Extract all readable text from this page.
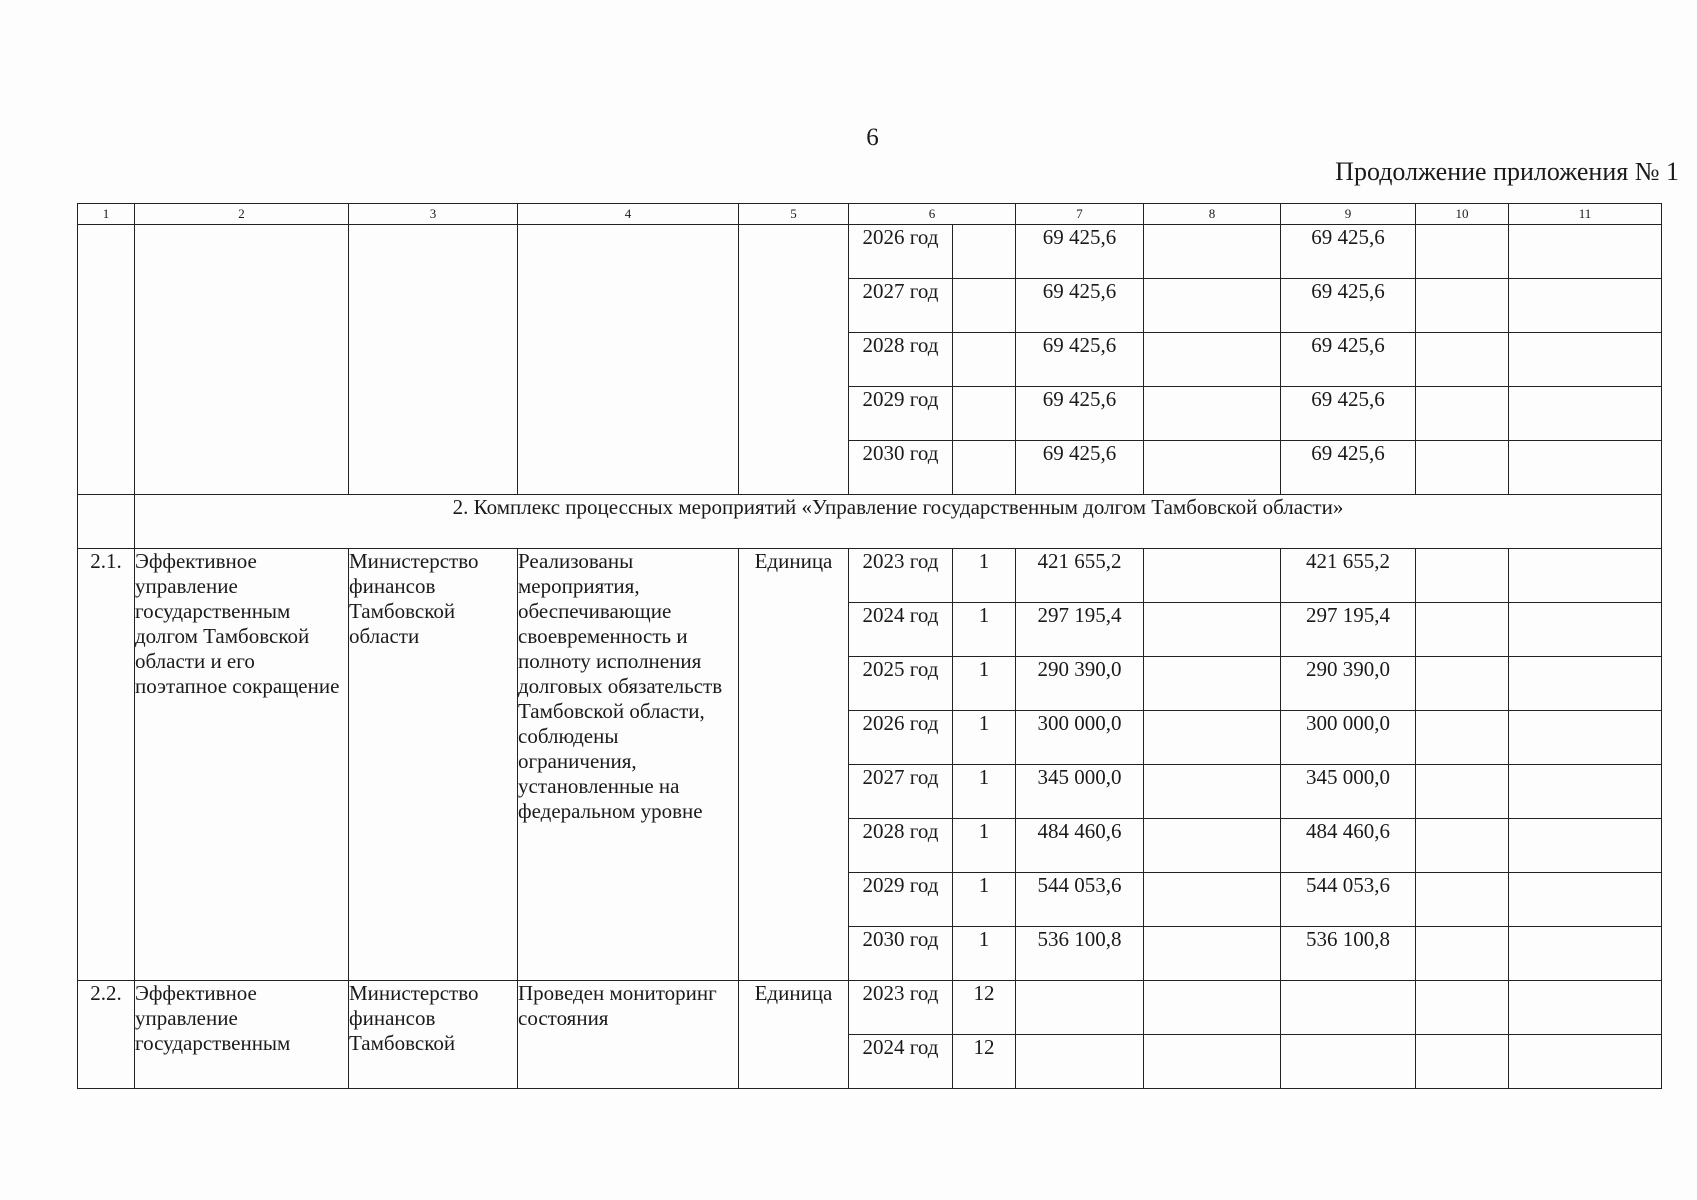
6
Продолжение приложения № 1
1	2	3	4	5	6		7	8	9	10	11
					2026 год		69 425,6		69 425,6		
					2027 год		69 425,6		69 425,6		
					2028 год		69 425,6		69 425,6		
					2029 год		69 425,6		69 425,6		
					2030 год		69 425,6		69 425,6		
	2. Комплекс процессных мероприятий «Управление государственным долгом Тамбовской области»										
2.1.	Эффективное управление государственным долгом Тамбовской области и его поэтапное сокращение	Министерство финансов Тамбовской области	Реализованы мероприятия, обеспечивающие своевременность и полноту исполнения долговых обязательств Тамбовской области, соблюдены ограничения, установленные на федеральном уровне	Единица	2023 год	1	421 655,2		421 655,2		
					2024 год	1	297 195,4		297 195,4		
					2025 год	1	290 390,0		290 390,0		
					2026 год	1	300 000,0		300 000,0		
					2027 год	1	345 000,0		345 000,0		
					2028 год	1	484 460,6		484 460,6		
					2029 год	1	544 053,6		544 053,6		
					2030 год	1	536 100,8		536 100,8		
2.2.	Эффективное управление государственным	Министерство финансов Тамбовской	Проведен мониторинг состояния	Единица	2023 год	12					
					2024 год	12					
